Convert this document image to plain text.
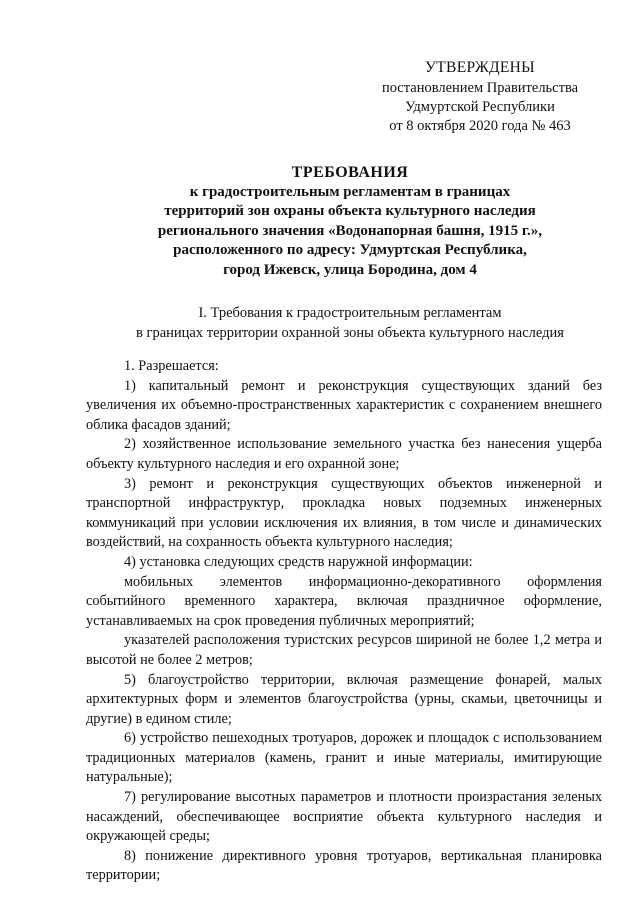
УТВЕРЖДЕНЫ
постановлением Правительства
Удмуртской Республики
от 8 октября 2020 года № 463
ТРЕБОВАНИЯ
к градостроительным регламентам в границах
территорий зон охраны объекта культурного наследия
регионального значения «Водонапорная башня, 1915 г.»,
расположенного по адресу: Удмуртская Республика,
город Ижевск, улица Бородина, дом 4
I. Требования к градостроительным регламентам
в границах территории охранной зоны объекта культурного наследия

1. Разрешается:

1) капитальный ремонт и реконструкция существующих зданий без увеличения их объемно-пространственных характеристик с сохранением внешнего облика фасадов зданий;

2) хозяйственное использование земельного участка без нанесения ущерба объекту культурного наследия и его охранной зоне;

3) ремонт и реконструкция существующих объектов инженерной и транспортной инфраструктур, прокладка новых подземных инженерных коммуникаций при условии исключения их влияния, в том числе и динамических воздействий, на сохранность объекта культурного наследия;

4) установка следующих средств наружной информации:

мобильных элементов информационно-декоративного оформления событийного временного характера, включая праздничное оформление, устанавливаемых на срок проведения публичных мероприятий;

указателей расположения туристских ресурсов шириной не более 1,2 метра и высотой не более 2 метров;

5) благоустройство территории, включая размещение фонарей, малых архитектурных форм и элементов благоустройства (урны, скамьи, цветочницы и другие) в едином стиле;

6) устройство пешеходных тротуаров, дорожек и площадок с использованием традиционных материалов (камень, гранит и иные материалы, имитирующие натуральные);

7) регулирование высотных параметров и плотности произрастания зеленых насаждений, обеспечивающее восприятие объекта культурного наследия и окружающей среды;

8) понижение директивного уровня тротуаров, вертикальная планировка территории;
